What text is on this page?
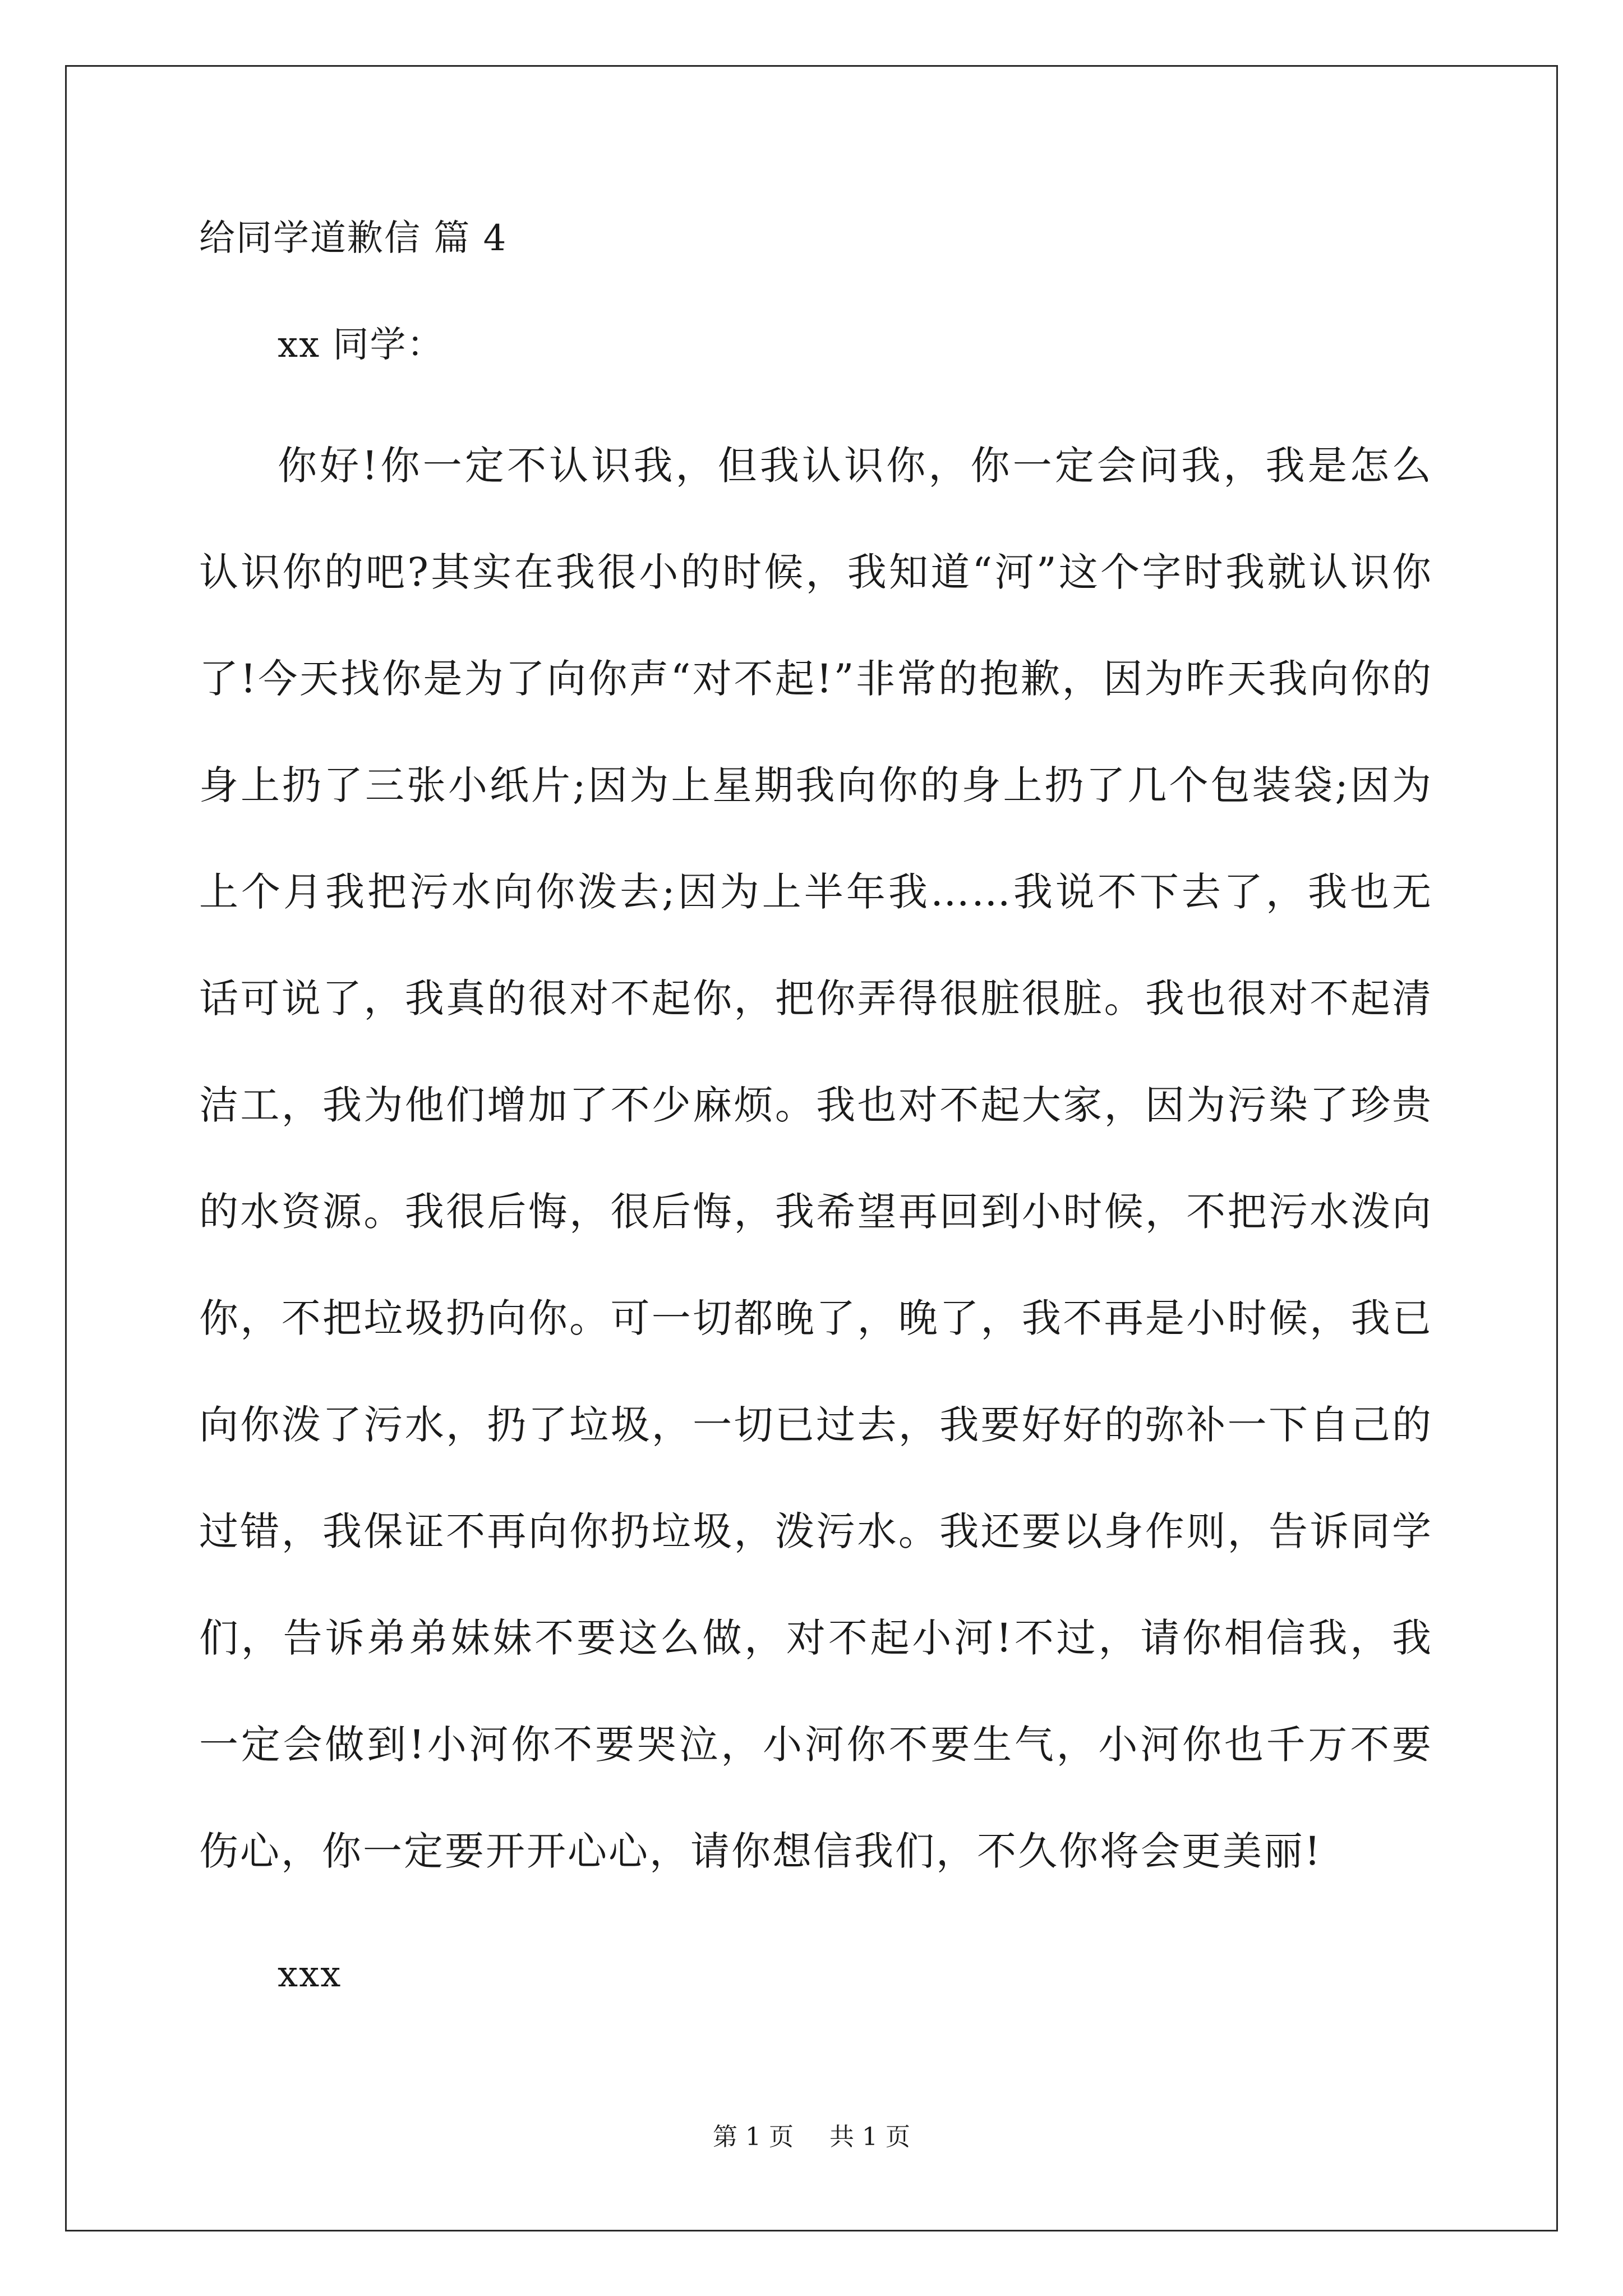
给同学道歉信 篇 4

xx 同学：

你好!你一定不认识我，但我认识你，你一定会问我，我是怎么认识你的吧?其实在我很小的时候，我知道“河”这个字时我就认识你了!今天找你是为了向你声“对不起!”非常的抱歉，因为昨天我向你的身上扔了三张小纸片;因为上星期我向你的身上扔了几个包装袋;因为上个月我把污水向你泼去;因为上半年我……我说不下去了，我也无话可说了，我真的很对不起你，把你弄得很脏很脏。我也很对不起清洁工，我为他们增加了不少麻烦。我也对不起大家，因为污染了珍贵的水资源。我很后悔，很后悔，我希望再回到小时候，不把污水泼向你，不把垃圾扔向你。可一切都晚了，晚了，我不再是小时候，我已向你泼了污水，扔了垃圾，一切已过去，我要好好的弥补一下自己的过错，我保证不再向你扔垃圾，泼污水。我还要以身作则，告诉同学们，告诉弟弟妹妹不要这么做，对不起小河!不过，请你相信我，我一定会做到!小河你不要哭泣，小河你不要生气，小河你也千万不要伤心，你一定要开开心心，请你想信我们，不久你将会更美丽!

xxx

第 1 页 共 1 页
